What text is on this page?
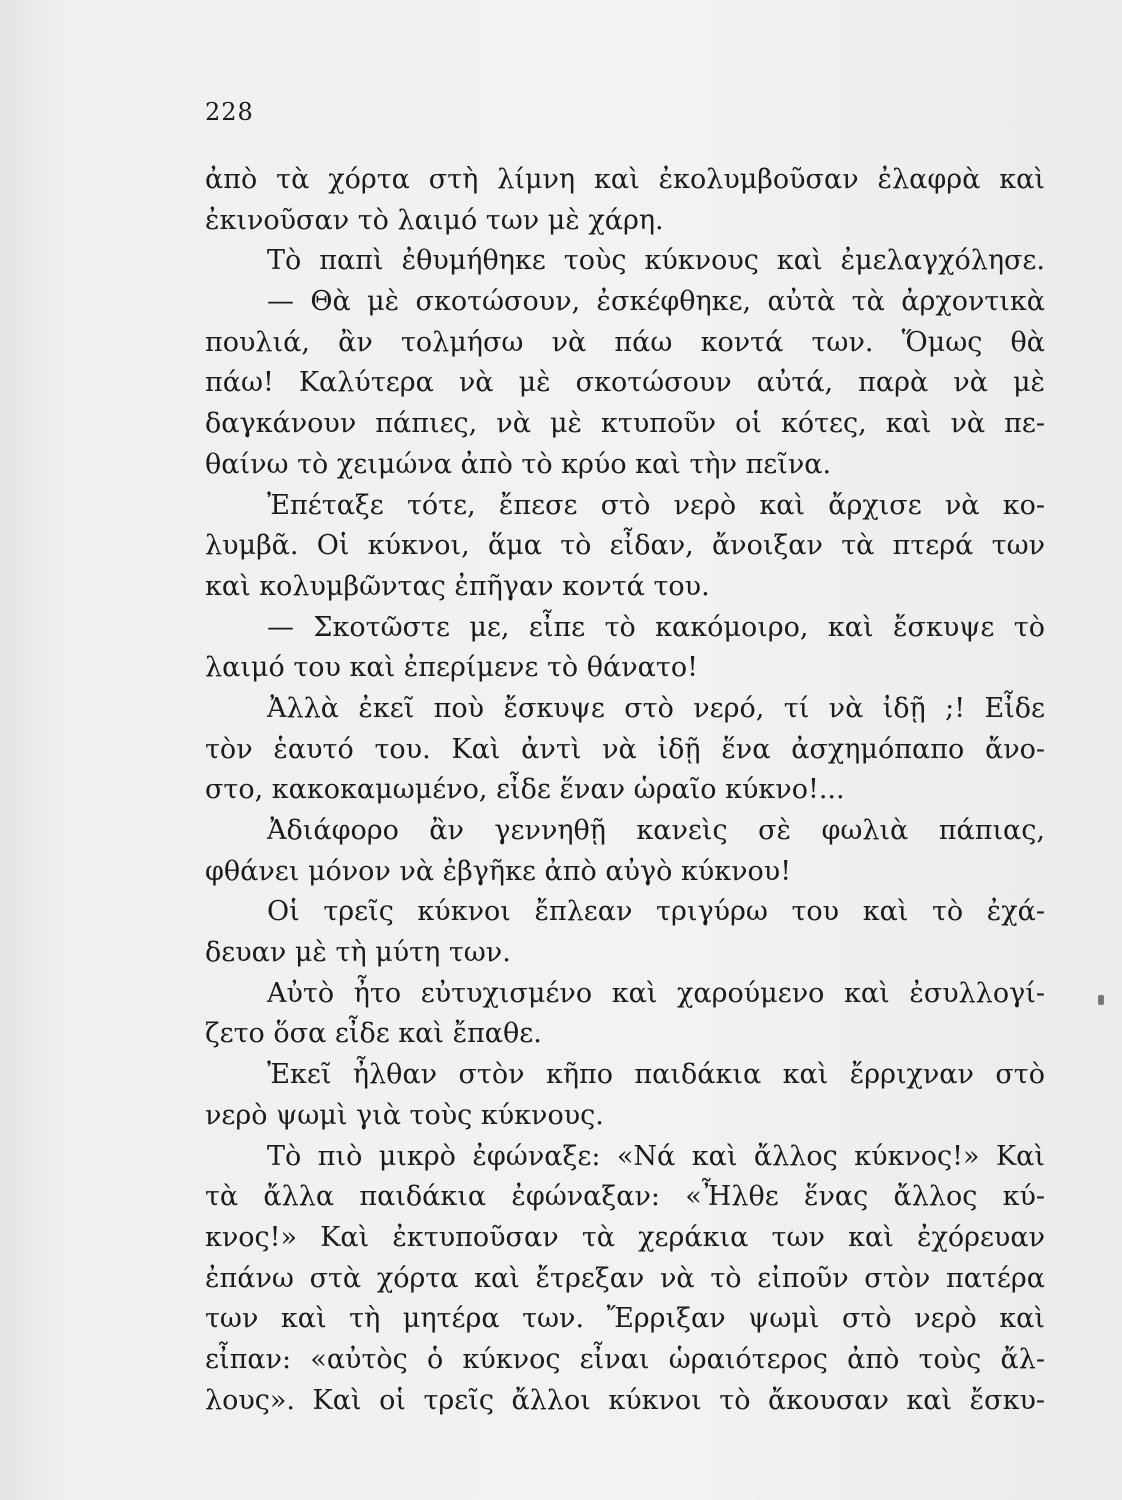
228
ἀπὸ τὰ χόρτα στὴ λίμνη καὶ ἐκολυμβοῦσαν ἐλαφρὰ καὶ
ἐκινοῦσαν τὸ λαιμό των μὲ χάρη.
Τὸ παπὶ ἐθυμήθηκε τοὺς κύκνους καὶ ἐμελαγχόλησε.
— Θὰ μὲ σκοτώσουν, ἐσκέφθηκε, αὐτὰ τὰ ἀρχοντικὰ
πουλιά, ἂν τολμήσω νὰ πάω κοντά των. Ὅμως θὰ
πάω! Καλύτερα νὰ μὲ σκοτώσουν αὐτά, παρὰ νὰ μὲ
δαγκάνουν πάπιες, νὰ μὲ κτυποῦν οἱ κότες, καὶ νὰ πε-
θαίνω τὸ χειμώνα ἀπὸ τὸ κρύο καὶ τὴν πεῖνα.
Ἐπέταξε τότε, ἔπεσε στὸ νερὸ καὶ ἄρχισε νὰ κο-
λυμβᾶ. Οἱ κύκνοι, ἅμα τὸ εἶδαν, ἄνοιξαν τὰ πτερά των
καὶ κολυμβῶντας ἐπῆγαν κοντά του.
— Σκοτῶστε με, εἶπε τὸ κακόμοιρο, καὶ ἔσκυψε τὸ
λαιμό του καὶ ἐπερίμενε τὸ θάνατο!
Ἀλλὰ ἐκεῖ ποὺ ἔσκυψε στὸ νερό, τί νὰ ἰδῇ ;! Εἶδε
τὸν ἑαυτό του. Καὶ ἀντὶ νὰ ἰδῇ ἕνα ἀσχημόπαπο ἄνο-
στο, κακοκαμωμένο, εἶδε ἕναν ὡραῖο κύκνο!...
Ἀδιάφορο ἂν γεννηθῇ κανεὶς σὲ φωλιὰ πάπιας,
φθάνει μόνον νὰ ἐβγῆκε ἀπὸ αὐγὸ κύκνου!
Οἱ τρεῖς κύκνοι ἔπλεαν τριγύρω του καὶ τὸ ἐχά-
δευαν μὲ τὴ μύτη των.
Αὐτὸ ἦτο εὐτυχισμένο καὶ χαρούμενο καὶ ἐσυλλογί-
ζετο ὅσα εἶδε καὶ ἔπαθε.
Ἐκεῖ ἦλθαν στὸν κῆπο παιδάκια καὶ ἔρριχναν στὸ
νερὸ ψωμὶ γιὰ τοὺς κύκνους.
Τὸ πιὸ μικρὸ ἐφώναξε: «Νά καὶ ἄλλος κύκνος!» Καὶ
τὰ ἄλλα παιδάκια ἐφώναξαν: «Ἦλθε ἕνας ἄλλος κύ-
κνος!» Καὶ ἐκτυποῦσαν τὰ χεράκια των καὶ ἐχόρευαν
ἐπάνω στὰ χόρτα καὶ ἔτρεξαν νὰ τὸ εἰποῦν στὸν πατέρα
των καὶ τὴ μητέρα των. Ἔρριξαν ψωμὶ στὸ νερὸ καὶ
εἶπαν: «αὐτὸς ὁ κύκνος εἶναι ὡραιότερος ἀπὸ τοὺς ἄλ-
λους». Καὶ οἱ τρεῖς ἄλλοι κύκνοι τὸ ἄκουσαν καὶ ἔσκυ-
